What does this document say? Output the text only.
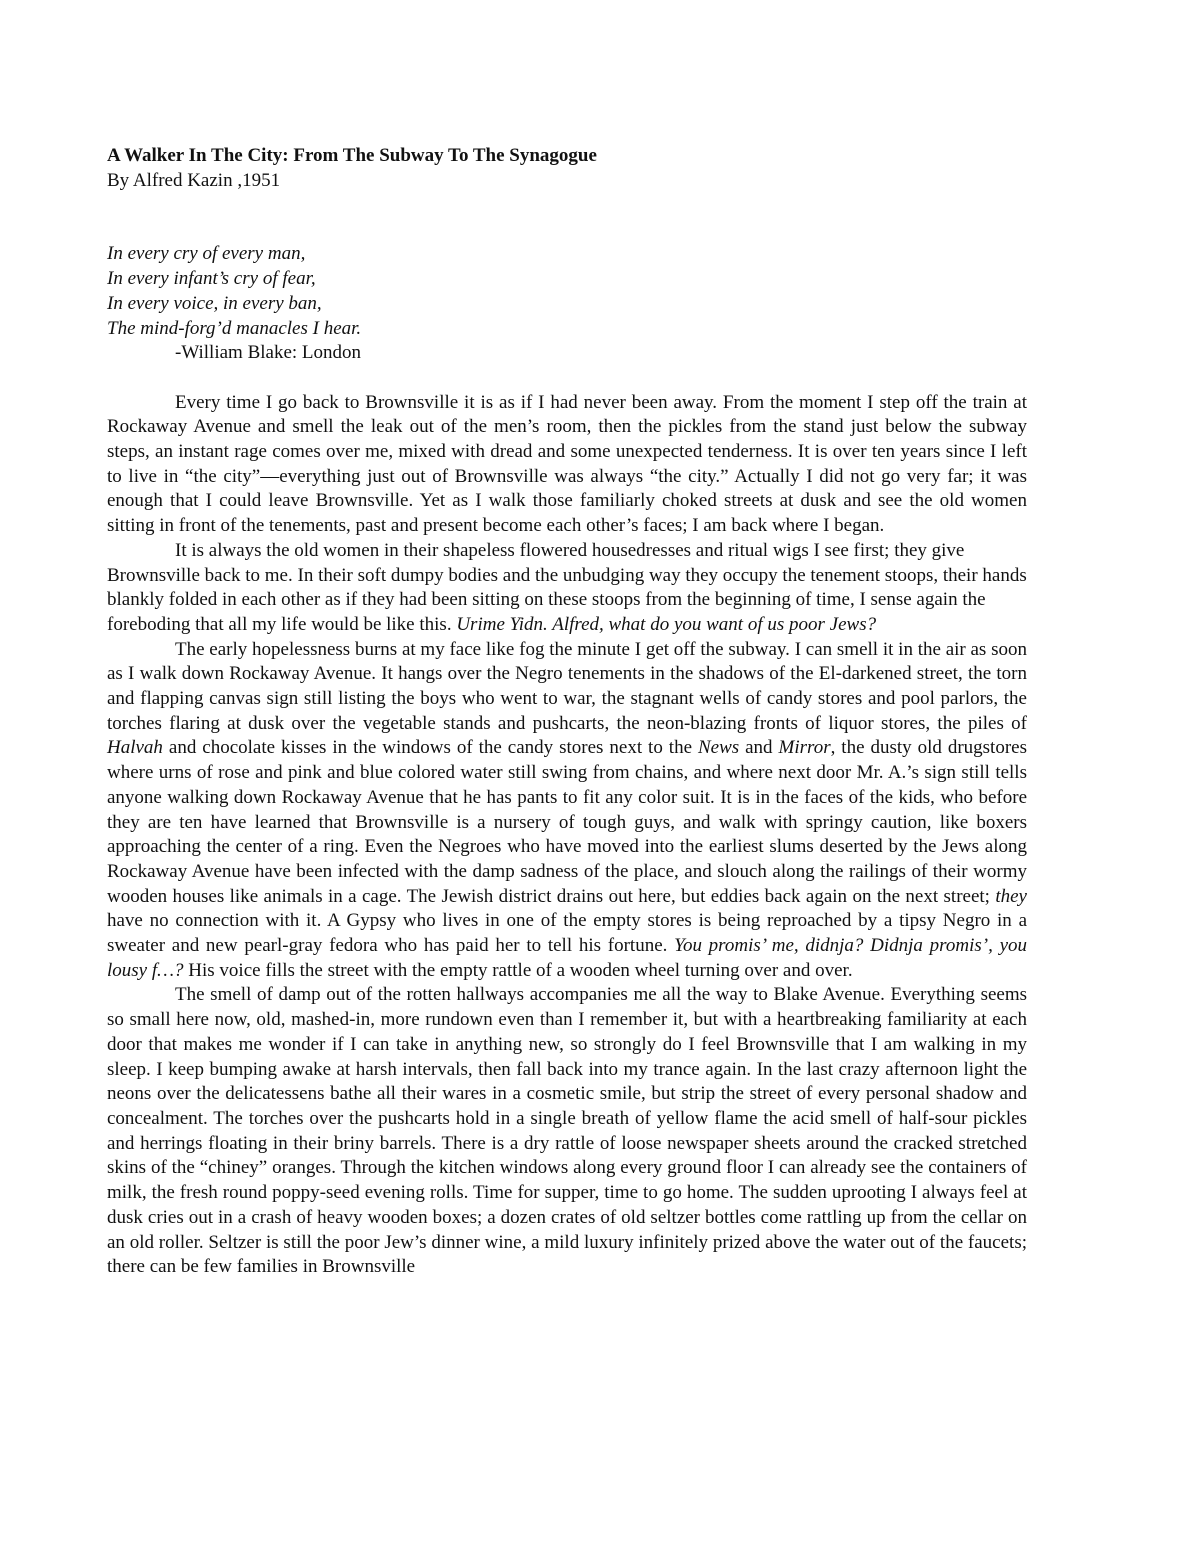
A Walker In The City: From The Subway To The Synagogue

By Alfred Kazin ,1951

In every cry of every man,

In every infant’s cry of fear,

In every voice, in every ban,

The mind-forg’d manacles I hear.

-William Blake: London

Every time I go back to Brownsville it is as if I had never been away. From the moment I step off the train at Rockaway Avenue and smell the leak out of the men’s room, then the pickles from the stand just below the subway steps, an instant rage comes over me, mixed with dread and some unexpected tenderness. It is over ten years since I left to live in “the city”—everything just out of Brownsville was always “the city.” Actually I did not go very far; it was enough that I could leave Brownsville. Yet as I walk those familiarly choked streets at dusk and see the old women sitting in front of the tenements, past and present become each other’s faces; I am back where I began.

It is always the old women in their shapeless flowered housedresses and ritual wigs I see first; they give Brownsville back to me. In their soft dumpy bodies and the unbudging way they occupy the tenement stoops, their hands blankly folded in each other as if they had been sitting on these stoops from the beginning of time, I sense again the foreboding that all my life would be like this. Urime Yidn. Alfred, what do you want of us poor Jews?

The early hopelessness burns at my face like fog the minute I get off the subway. I can smell it in the air as soon as I walk down Rockaway Avenue. It hangs over the Negro tenements in the shadows of the El-darkened street, the torn and flapping canvas sign still listing the boys who went to war, the stagnant wells of candy stores and pool parlors, the torches flaring at dusk over the vegetable stands and pushcarts, the neon-blazing fronts of liquor stores, the piles of Halvah and chocolate kisses in the windows of the candy stores next to the News and Mirror, the dusty old drugstores where urns of rose and pink and blue colored water still swing from chains, and where next door Mr. A.’s sign still tells anyone walking down Rockaway Avenue that he has pants to fit any color suit. It is in the faces of the kids, who before they are ten have learned that Brownsville is a nursery of tough guys, and walk with springy caution, like boxers approaching the center of a ring. Even the Negroes who have moved into the earliest slums deserted by the Jews along Rockaway Avenue have been infected with the damp sadness of the place, and slouch along the railings of their wormy wooden houses like animals in a cage. The Jewish district drains out here, but eddies back again on the next street; they have no connection with it. A Gypsy who lives in one of the empty stores is being reproached by a tipsy Negro in a sweater and new pearl-gray fedora who has paid her to tell his fortune. You promis’ me, didnja? Didnja promis’, you lousy f…? His voice fills the street with the empty rattle of a wooden wheel turning over and over.

The smell of damp out of the rotten hallways accompanies me all the way to Blake Avenue. Everything seems so small here now, old, mashed-in, more rundown even than I remember it, but with a heartbreaking familiarity at each door that makes me wonder if I can take in anything new, so strongly do I feel Brownsville that I am walking in my sleep. I keep bumping awake at harsh intervals, then fall back into my trance again. In the last crazy afternoon light the neons over the delicatessens bathe all their wares in a cosmetic smile, but strip the street of every personal shadow and concealment. The torches over the pushcarts hold in a single breath of yellow flame the acid smell of half-sour pickles and herrings floating in their briny barrels. There is a dry rattle of loose newspaper sheets around the cracked stretched skins of the “chiney” oranges. Through the kitchen windows along every ground floor I can already see the containers of milk, the fresh round poppy-seed evening rolls. Time for supper, time to go home. The sudden uprooting I always feel at dusk cries out in a crash of heavy wooden boxes; a dozen crates of old seltzer bottles come rattling up from the cellar on an old roller. Seltzer is still the poor Jew’s dinner wine, a mild luxury infinitely prized above the water out of the faucets; there can be few families in Brownsville
